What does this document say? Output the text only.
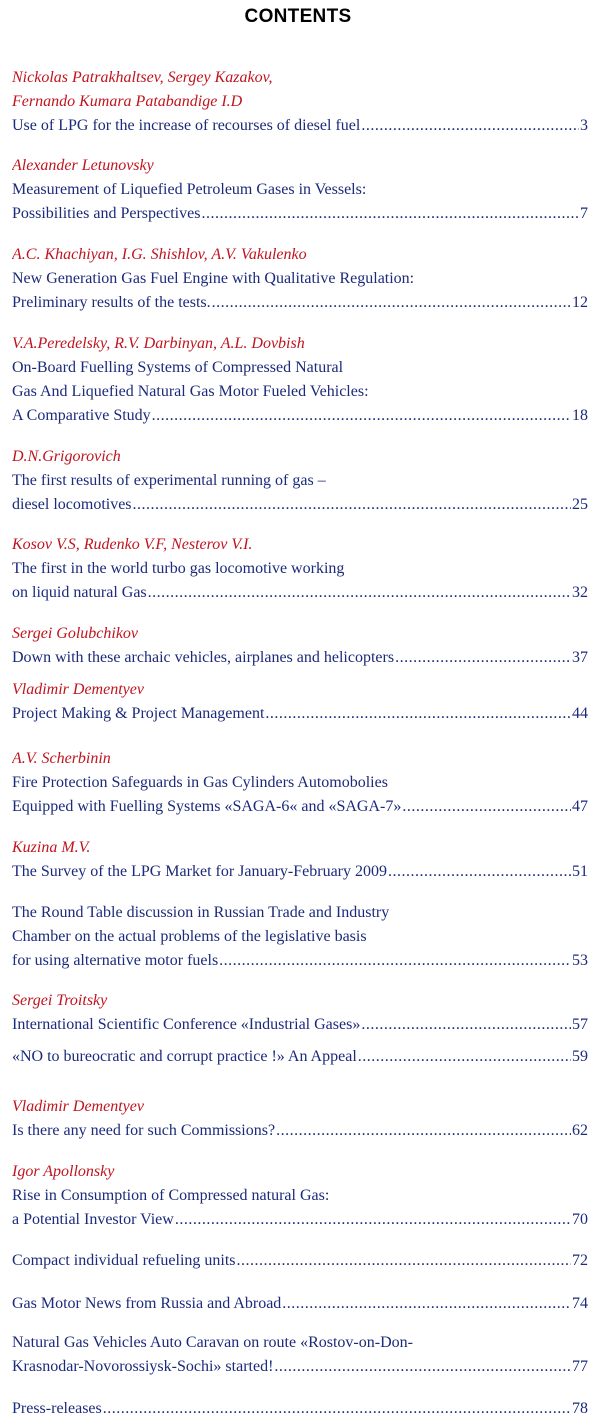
CONTENTS
Nickolas Patrakhaltsev, Sergey Kazakov,
Fernando Kumara Patabandige I.D
Use of LPG for the increase of recourses of diesel fuel .....	3
Alexander Letunovsky
Measurement of Liquefied Petroleum Gases in Vessels:
Possibilities and Perspectives .....	7
A.C. Khachiyan, I.G. Shishlov, A.V. Vakulenko
New Generation Gas Fuel Engine with Qualitative Regulation:
Preliminary results of the tests. .....	12
V.A.Peredelsky, R.V. Darbinyan, A.L. Dovbish
On-Board Fuelling Systems of Compressed Natural
Gas And Liquefied Natural Gas Motor Fueled Vehicles:
A Comparative Study .....	18
D.N.Grigorovich
The first results of experimental running of gas –
diesel locomotives .....	25
Kosov V.S, Rudenko V.F, Nesterov V.I.
The first in the world turbo gas locomotive working
on liquid natural Gas .....	32
Sergei Golubchikov
Down with these archaic vehicles, airplanes and helicopters .....	37
Vladimir Dementyev
Project Making & Project Management .....	44
A.V. Scherbinin
Fire Protection Safeguards in Gas Cylinders Automobolies
Equipped with Fuelling Systems «SAGA-6« and «SAGA-7» .....	47
Kuzina M.V.
The Survey of the LPG Market for January-February 2009 .....	51
The Round Table discussion in Russian Trade and Industry
Chamber on the actual problems of the legislative basis
for using alternative motor fuels .....	53
Sergei Troitsky
International Scientific Conference «Industrial Gases» .....	57
«NO to bureocratic and corrupt practice !» An Appeal .....	59
Vladimir Dementyev
Is there any need for such Commissions? .....	62
Igor Apollonsky
Rise in Consumption of Compressed natural Gas:
a Potential Investor View .....	70
Compact individual refueling units .....	72
Gas Motor News from Russia and Abroad .....	74
Natural Gas Vehicles Auto Caravan on route «Rostov-on-Don-
Krasnodar-Novorossiysk-Sochi» started! .....	77
Press-releases .....	78
